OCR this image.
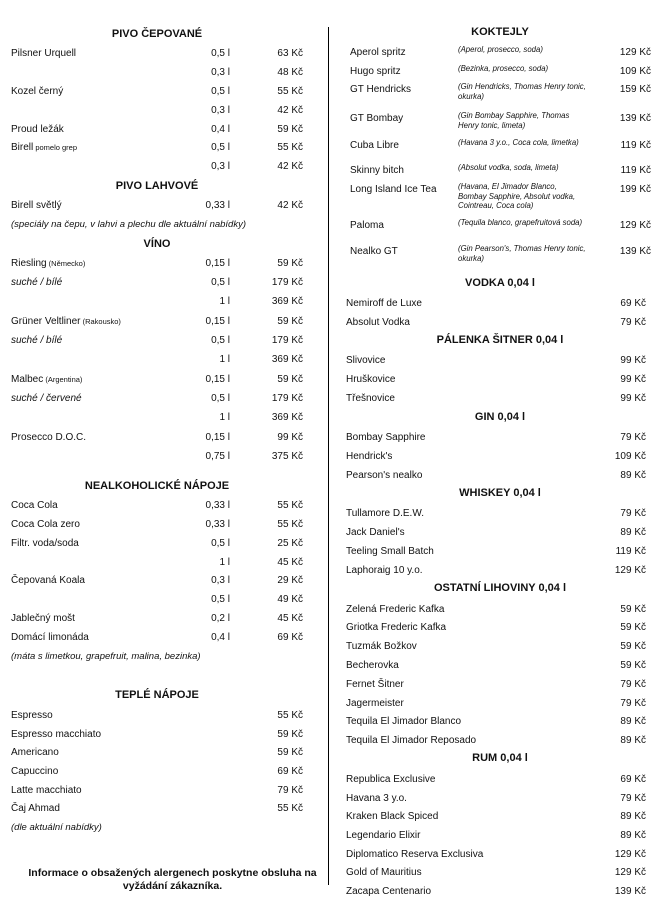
PIVO ČEPOVANÉ
PIVO LAHVOVÉ
VÍNO
NEALKOHOLICKÉ NÁPOJE
TEPLÉ NÁPOJE
Pilsner Urquell	0,5 l	63 Kč
0,3 l	48 Kč
Kozel černý	0,5 l	55 Kč
0,3 l	42 Kč
Proud ležák	0,4 l	59 Kč
Birell pomelo grep	0,5 l	55 Kč
0,3 l	42 Kč
Birell světlý	0,33 l	42 Kč
Riesling (Německo)	0,15 l	59 Kč
suché / bílé	0,5 l	179 Kč
1 l	369 Kč
Grüner Veltliner (Rakousko)	0,15 l	59 Kč
suché / bílé	0,5 l	179 Kč
1 l	369 Kč
Malbec (Argentina)	0,15 l	59 Kč
suché / červené	0,5 l	179 Kč
1 l	369 Kč
Prosecco D.O.C.	0,15 l	99 Kč
0,75 l	375 Kč
Coca Cola	0,33 l	55 Kč
Coca Cola zero	0,33 l	55 Kč
Filtr. voda/soda	0,5 l	25 Kč
1 l	45 Kč
Čepovaná Koala	0,3 l	29 Kč
0,5 l	49 Kč
Jablečný mošt	0,2 l	45 Kč
Domácí limonáda	0,4 l	69 Kč
Espresso	55 Kč
Espresso macchiato	59 Kč
Americano	59 Kč
Capuccino	69 Kč
Latte macchiato	79 Kč
Čaj Ahmad	55 Kč
(speciály na čepu, v lahvi a plechu dle aktuální nabídky)
(máta s limetkou, grapefruit, malina, bezinka)
(dle aktuální nabídky)
KOKTEJLY
Aperol spritz	(Aperol, prosecco, soda)	129 Kč
Hugo spritz	(Bezinka, prosecco, soda)	109 Kč
GT Hendricks	(Gin Hendricks, Thomas Henry tonic, okurka)
159 Kč
GT Bombay	(Gin Bombay Sapphire, Thomas Henry tonic, limeta)
139 Kč
Cuba Libre	(Havana 3 y.o., Coca cola, limetka)	119 Kč
Skinny bitch	(Absolut vodka, soda, limeta)	119 Kč
Long Island Ice Tea	(Havana, El Jimador Blanco, Bombay Sapphire, Absolut vodka, Cointreau, Coca cola)
199 Kč
Paloma	(Tequila blanco, grapefruitová soda)	129 Kč
Nealko GT	(Gin Pearson's, Thomas Henry tonic, okurka)
139 Kč
VODKA 0,04 l
PÁLENKA ŠITNER 0,04 l
GIN 0,04 l
WHISKEY 0,04 l
OSTATNÍ LIHOVINY 0,04 l
RUM 0,04 l
Nemiroff de Luxe	69 Kč
Absolut Vodka	79 Kč
Slivovice	99 Kč
Hruškovice	99 Kč
Třešnovice	99 Kč
Bombay Sapphire	79 Kč
Hendrick's	109 Kč
Pearson's nealko	89 Kč
Tullamore D.E.W.	79 Kč
Jack Daniel's	89 Kč
Teeling Small Batch	119 Kč
Laphoraig 10 y.o.	129 Kč
Zelená Frederic Kafka	59 Kč
Griotka Frederic Kafka	59 Kč
Tuzmák Božkov	59 Kč
Becherovka	59 Kč
Fernet Šitner	79 Kč
Jagermeister	79 Kč
Tequila El Jimador Blanco	89 Kč
Tequila El Jimador Reposado	89 Kč
Republica Exclusive	69 Kč
Havana 3 y.o.	79 Kč
Kraken Black Spiced	89 Kč
Legendario Elixir	89 Kč
Diplomatico Reserva Exclusiva	129 Kč
Gold of Mauritius	129 Kč
Zacapa Centenario	139 Kč
Informace o obsažených alergenech poskytne obsluha na vyžádání zákazníka.
